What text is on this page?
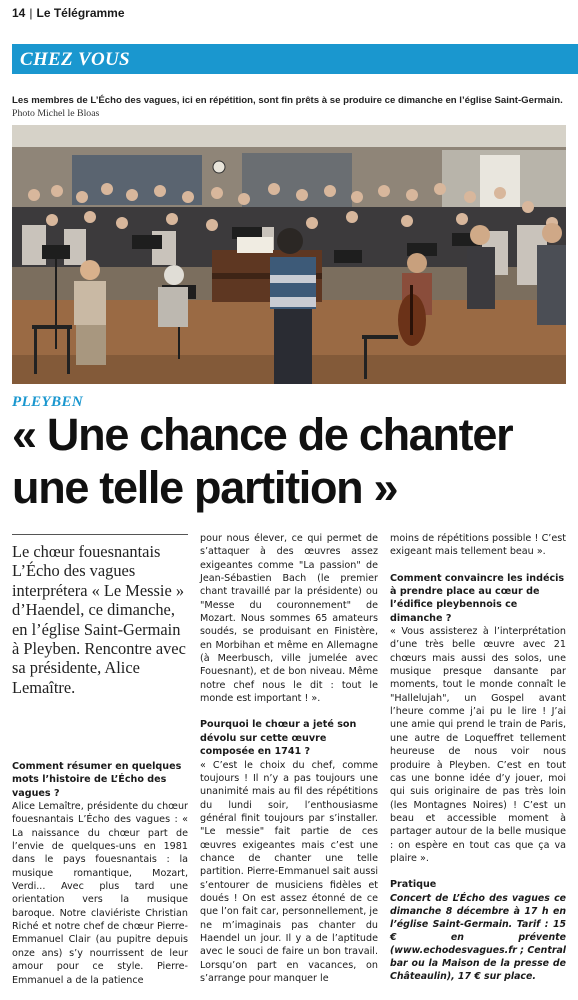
14 | Le Télégramme
CHEZ VOUS
Les membres de L’Écho des vagues, ici en répétition, sont fin prêts à se produire ce dimanche en l’église Saint-Germain. Photo Michel le Bloas
PLEYBEN
« Une chance de chanter une telle partition »
Le chœur fouesnantais L’Écho des vagues interprétera « Le Messie » d’Haendel, ce dimanche, en l’église Saint-Germain à Pleyben. Rencontre avec sa présidente, Alice Lemaître.

Comment résumer en quelques mots l’histoire de L’Écho des vagues ?

Alice Lemaître, présidente du chœur fouesnantais L’Écho des vagues : « La naissance du chœur part de l’envie de quelques-uns en 1981 dans le pays fouesnantais : la musique romantique, Mozart, Verdi... Avec plus tard une orientation vers la musique baroque. Notre claviériste Christian Riché et notre chef de chœur Pierre-Emmanuel Clair (au pupitre depuis onze ans) s’y nourrissent de leur amour pour ce style. Pierre-Emmanuel a de la patience

pour nous élever, ce qui permet de s’attaquer à des œuvres assez exigeantes comme "La passion" de Jean-Sébastien Bach (le premier chant travaillé par la présidente) ou "Messe du couronnement" de Mozart. Nous sommes 65 amateurs soudés, se produisant en Finistère, en Morbihan et même en Allemagne (à Meerbusch, ville jumelée avec Fouesnant), et de bon niveau. Même notre chef nous le dit : tout le monde est important ! ».

Pourquoi le chœur a jeté son dévolu sur cette œuvre composée en 1741 ?

« C’est le choix du chef, comme toujours ! Il n’y a pas toujours une unanimité mais au fil des répétitions du lundi soir, l’enthousiasme général finit toujours par s’installer. "Le messie" fait partie de ces œuvres exigeantes mais c’est une chance de chanter une telle partition. Pierre-Emmanuel sait aussi s’entourer de musiciens fidèles et doués ! On est assez étonné de ce que l’on fait car, personnellement, je ne m’imaginais pas chanter du Haendel un jour. Il y a de l’aptitude avec le souci de faire un bon travail. Lorsqu’on part en vacances, on s’arrange pour manquer le

moins de répétitions possible ! C’est exigeant mais tellement beau ».

Comment convaincre les indécis à prendre place au cœur de l’édifice pleybennois ce dimanche ?

« Vous assisterez à l’interprétation d’une très belle œuvre avec 21 chœurs mais aussi des solos, une musique presque dansante par moments, tout le monde connaît le "Hallelujah", un Gospel avant l’heure comme j’ai pu le lire ! J’ai une amie qui prend le train de Paris, une autre de Loqueffret tellement heureuse de nous voir nous produire à Pleyben. C’est en tout cas une bonne idée d’y jouer, moi qui suis originaire de pas très loin (les Montagnes Noires) ! C’est un beau et accessible moment à partager autour de la belle musique : on espère en tout cas que ça va plaire ».

Pratique

Concert de L’Écho des vagues ce dimanche 8 décembre à 17 h en l’église Saint-Germain. Tarif : 15 € en prévente (www.echodesvagues.fr ; Central bar ou la Maison de la presse de Châteaulin), 17 € sur place.
